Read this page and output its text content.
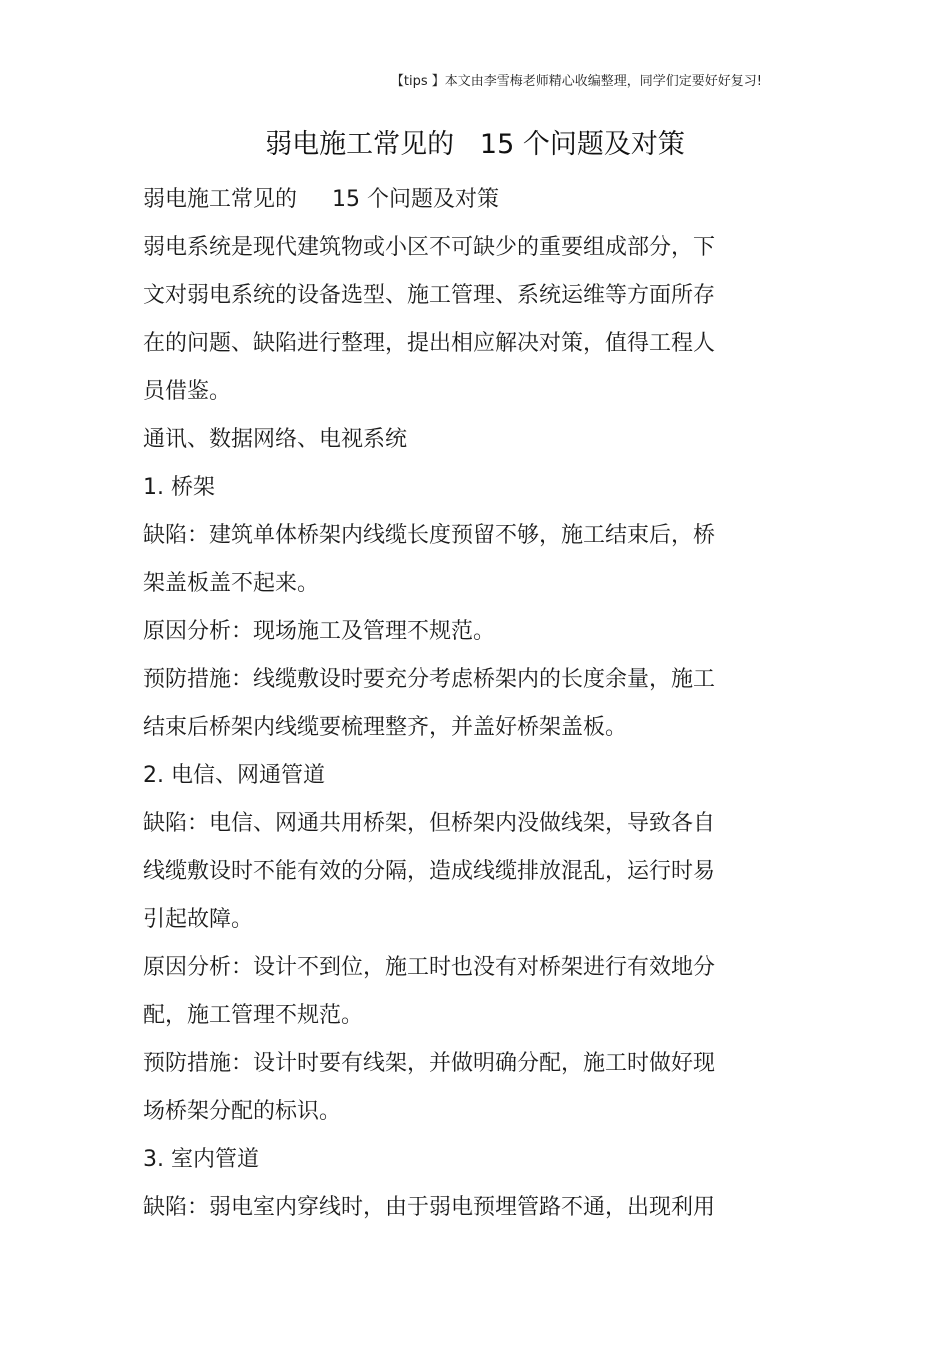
【tips 】本文由李雪梅老师精心收编整理，同学们定要好好复习!
弱电施工常见的   15 个问题及对策
弱电施工常见的     15 个问题及对策
弱电系统是现代建筑物或小区不可缺少的重要组成部分，下
文对弱电系统的设备选型、施工管理、系统运维等方面所存
在的问题、缺陷进行整理，提出相应解决对策，值得工程人
员借鉴。
通讯、数据网络、电视系统
1. 桥架
缺陷：建筑单体桥架内线缆长度预留不够，施工结束后，桥
架盖板盖不起来。
原因分析：现场施工及管理不规范。
预防措施：线缆敷设时要充分考虑桥架内的长度余量，施工
结束后桥架内线缆要梳理整齐，并盖好桥架盖板。
2. 电信、网通管道
缺陷：电信、网通共用桥架，但桥架内没做线架，导致各自
线缆敷设时不能有效的分隔，造成线缆排放混乱，运行时易
引起故障。
原因分析：设计不到位，施工时也没有对桥架进行有效地分
配，施工管理不规范。
预防措施：设计时要有线架，并做明确分配，施工时做好现
场桥架分配的标识。
3. 室内管道
缺陷：弱电室内穿线时，由于弱电预埋管路不通，出现利用
